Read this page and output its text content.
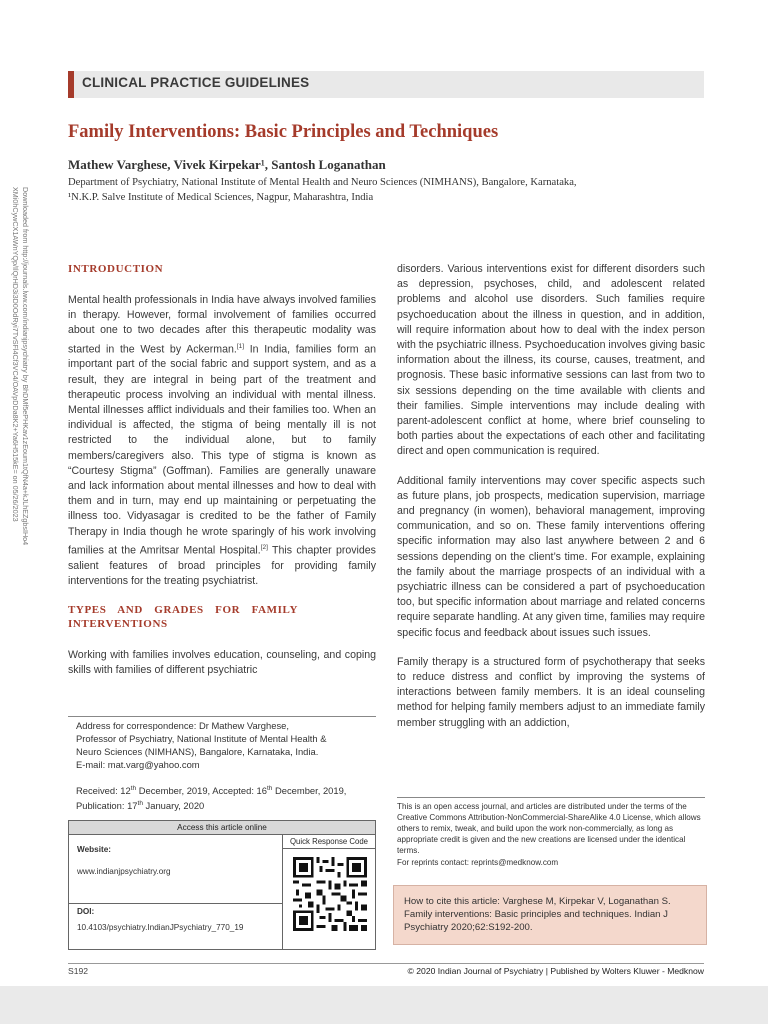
CLINICAL PRACTICE GUIDELINES
Family Interventions: Basic Principles and Techniques
Mathew Varghese, Vivek Kirpekar¹, Santosh Loganathan
Department of Psychiatry, National Institute of Mental Health and Neuro Sciences (NIMHANS), Bangalore, Karnataka,
¹N.K.P. Salve Institute of Medical Sciences, Nagpur, Maharashtra, India
Downloaded from http://journals.lww.com/indianjpsychiatry by BhDMf5ePHKav1zEoum1tQfN4a+kJLhEZgbsIHo4
XMi0hCywCX1AWnYQp/IlQrHD3i3D0OdRyi7TvSFl4Cf3VC4/OAVpDDa8K2+Ya6H515kE= on 05/26/2023	INTRODUCTION

Mental health professionals in India have always involved families in therapy. However, formal involvement of families occurred about one to two decades after this therapeutic modality was started in the West by Ackerman.[1] In India, families form an important part of the social fabric and support system, and as a result, they are integral in being part of the treatment and therapeutic process involving an individual with mental illness. Mental illnesses afflict individuals and their families too. When an individual is affected, the stigma of being mentally ill is not restricted to the individual alone, but to family members/caregivers also. This type of stigma is known as “Courtesy Stigma” (Goffman). Families are generally unaware and lack information about mental illnesses and how to deal with them and in turn, may end up maintaining or perpetuating the illness too. Vidyasagar is credited to be the father of Family Therapy in India though he wrote sparingly of his work involving families at the Amritsar Mental Hospital.[2] This chapter provides salient features of broad principles for providing family interventions for the treating psychiatrist.

TYPES AND GRADES FOR FAMILY INTERVENTIONS

Working with families involves education, counseling, and coping skills with families of different psychiatric

disorders. Various interventions exist for different disorders such as depression, psychoses, child, and adolescent related problems and alcohol use disorders. Such families require psychoeducation about the illness in question, and in addition, will require information about how to deal with the index person with the psychiatric illness. Psychoeducation involves giving basic information about the illness, its course, causes, treatment, and prognosis. These basic informative sessions can last from two to six sessions depending on the time available with clients and their families. Simple interventions may include dealing with parent-adolescent conflict at home, where brief counseling to both parties about the expectations of each other and facilitating direct and open communication is required.

Additional family interventions may cover specific aspects such as future plans, job prospects, medication supervision, marriage and pregnancy (in women), behavioral management, improving communication, and so on. These family interventions offering specific information may also last anywhere between 2 and 6 sessions depending on the client’s time. For example, explaining the family about the marriage prospects of an individual with a psychiatric illness can be considered a part of psychoeducation too, but specific information about marriage and related concerns require separate handling. At any given time, families may require specific focus and feedback about issues such issues.

Family therapy is a structured form of psychotherapy that seeks to reduce distress and conflict by improving the systems of interactions between family members. It is an ideal counseling method for helping family members adjust to an immediate family member struggling with an addiction,

Address for correspondence: Dr Mathew Varghese,
Professor of Psychiatry, National Institute of Mental Health &
Neuro Sciences (NIMHANS), Bangalore, Karnataka, India.
E-mail: mat.varg@yahoo.com
Received: 12th December, 2019, Accepted: 16th December, 2019,
Publication: 17th January, 2020
Access this article online
Website:
www.indianjpsychiatry.org
DOI:
10.4103/psychiatry.IndianJPsychiatry_770_19
Quick Response Code
This is an open access journal, and articles are distributed under the terms of the Creative Commons Attribution-NonCommercial-ShareAlike 4.0 License, which allows others to remix, tweak, and build upon the work non-commercially, as long as appropriate credit is given and the new creations are licensed under the identical terms.
For reprints contact: reprints@medknow.com
How to cite this article: Varghese M, Kirpekar V, Loganathan S. Family interventions: Basic principles and techniques. Indian J Psychiatry 2020;62:S192-200.
S192	© 2020 Indian Journal of Psychiatry | Published by Wolters Kluwer - Medknow
